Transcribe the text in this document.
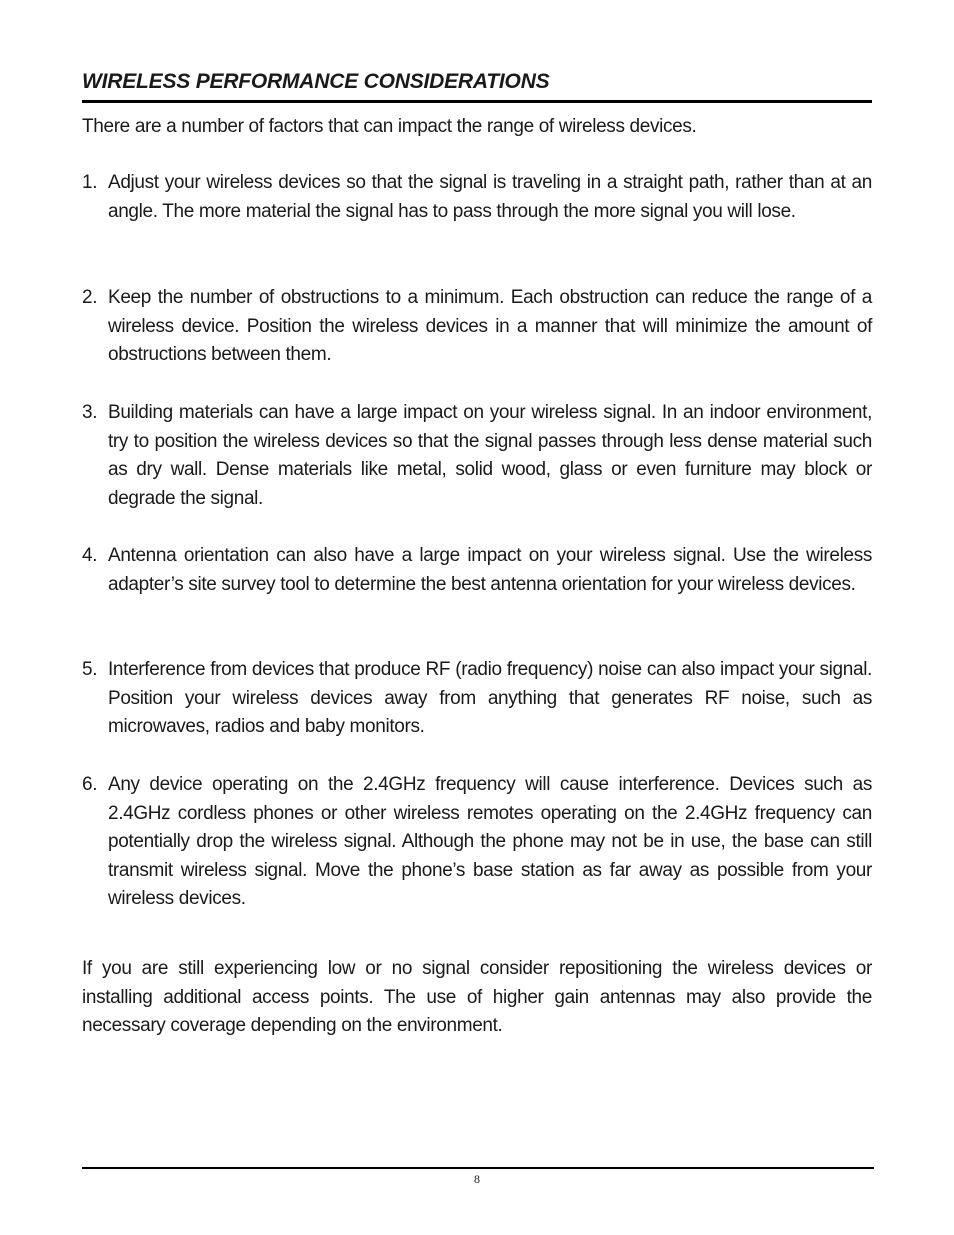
WIRELESS PERFORMANCE CONSIDERATIONS

There are a number of factors that can impact the range of wireless devices.

1. Adjust your wireless devices so that the signal is traveling in a straight path, rather than at an angle. The more material the signal has to pass through the more signal you will lose.
2. Keep the number of obstructions to a minimum. Each obstruction can reduce the range of a wireless device. Position the wireless devices in a manner that will minimize the amount of obstructions between them.
3. Building materials can have a large impact on your wireless signal. In an indoor environment, try to position the wireless devices so that the signal passes through less dense material such as dry wall. Dense materials like metal, solid wood, glass or even furniture may block or degrade the signal.
4. Antenna orientation can also have a large impact on your wireless signal. Use the wireless adapter’s site survey tool to determine the best antenna orientation for your wireless devices.
5. Interference from devices that produce RF (radio frequency) noise can also impact your signal. Position your wireless devices away from anything that generates RF noise, such as microwaves, radios and baby monitors.
6. Any device operating on the 2.4GHz frequency will cause interference. Devices such as 2.4GHz cordless phones or other wireless remotes operating on the 2.4GHz frequency can potentially drop the wireless signal. Although the phone may not be in use, the base can still transmit wireless signal. Move the phone’s base station as far away as possible from your wireless devices.

If you are still experiencing low or no signal consider repositioning the wireless devices or installing additional access points. The use of higher gain antennas may also provide the necessary coverage depending on the environment.

8
